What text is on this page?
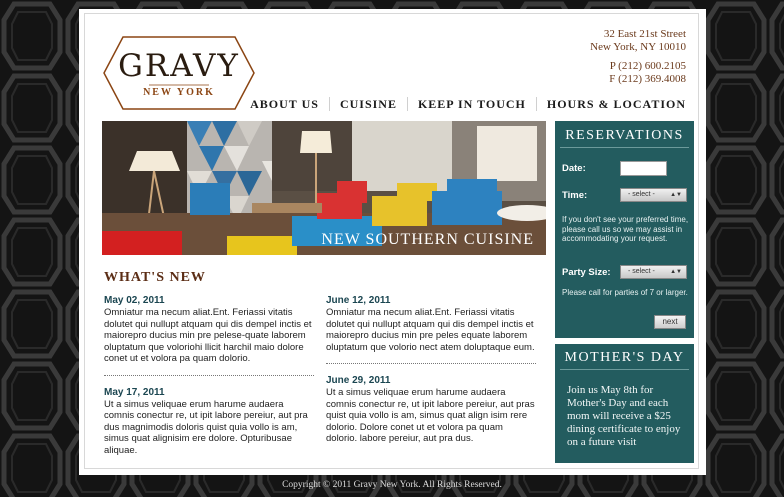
GRAVY
NEW YORK
32 East 21st Street
New York, NY 10010
P (212) 600.2105
F (212) 369.4008
ABOUT US	CUISINE	KEEP IN TOUCH	HOURS & LOCATION
NEW SOUTHERN CUISINE
WHAT'S NEW
May 02, 2011
Omniatur ma necum aliat.Ent. Feriassi vitatis dolutet qui nullupt atquam qui dis dempel inctis et maiorepro ducius min pre pelese-quate laborem oluptatum que voloriohi llicit harchil maio dolore conet ut et volora pa quam dolorio.
May 17, 2011
Ut a simus veliquae erum harume audaera comnis conectur re, ut ipit labore pereiur, aut pra dus magnimodis doloris quist quia vollo is am, simus quat alignisim ere dolore. Opturibusae aliquae.
June 12, 2011
Omniatur ma necum aliat.Ent. Feriassi vitatis dolutet qui nullupt atquam qui dis dempel inctis et maiorepro ducius min pre peles equate laborem oluptatum que volorio nect atem doluptaque eum.
June 29, 2011
Ut a simus veliquae erum harume audaera comnis conectur re, ut ipit labore pereiur, aut pras quist quia vollo is am, simus quat align isim rere dolorio. Dolore conet ut et volora pa quam dolorio. labore pereiur, aut pra dus.
RESERVATIONS
Date:
Time:	- select -	▲▼
If you don't see your preferred time, please call us so we may assist in accommodating your request.
Party Size:	- select -	▲▼
Please call for parties of 7 or larger.
next
MOTHER'S DAY
Join us May 8th for Mother's Day and each mom will receive a $25 dining certificate to enjoy on a future visit
Copyright © 2011 Gravy New York. All Rights Reserved.
